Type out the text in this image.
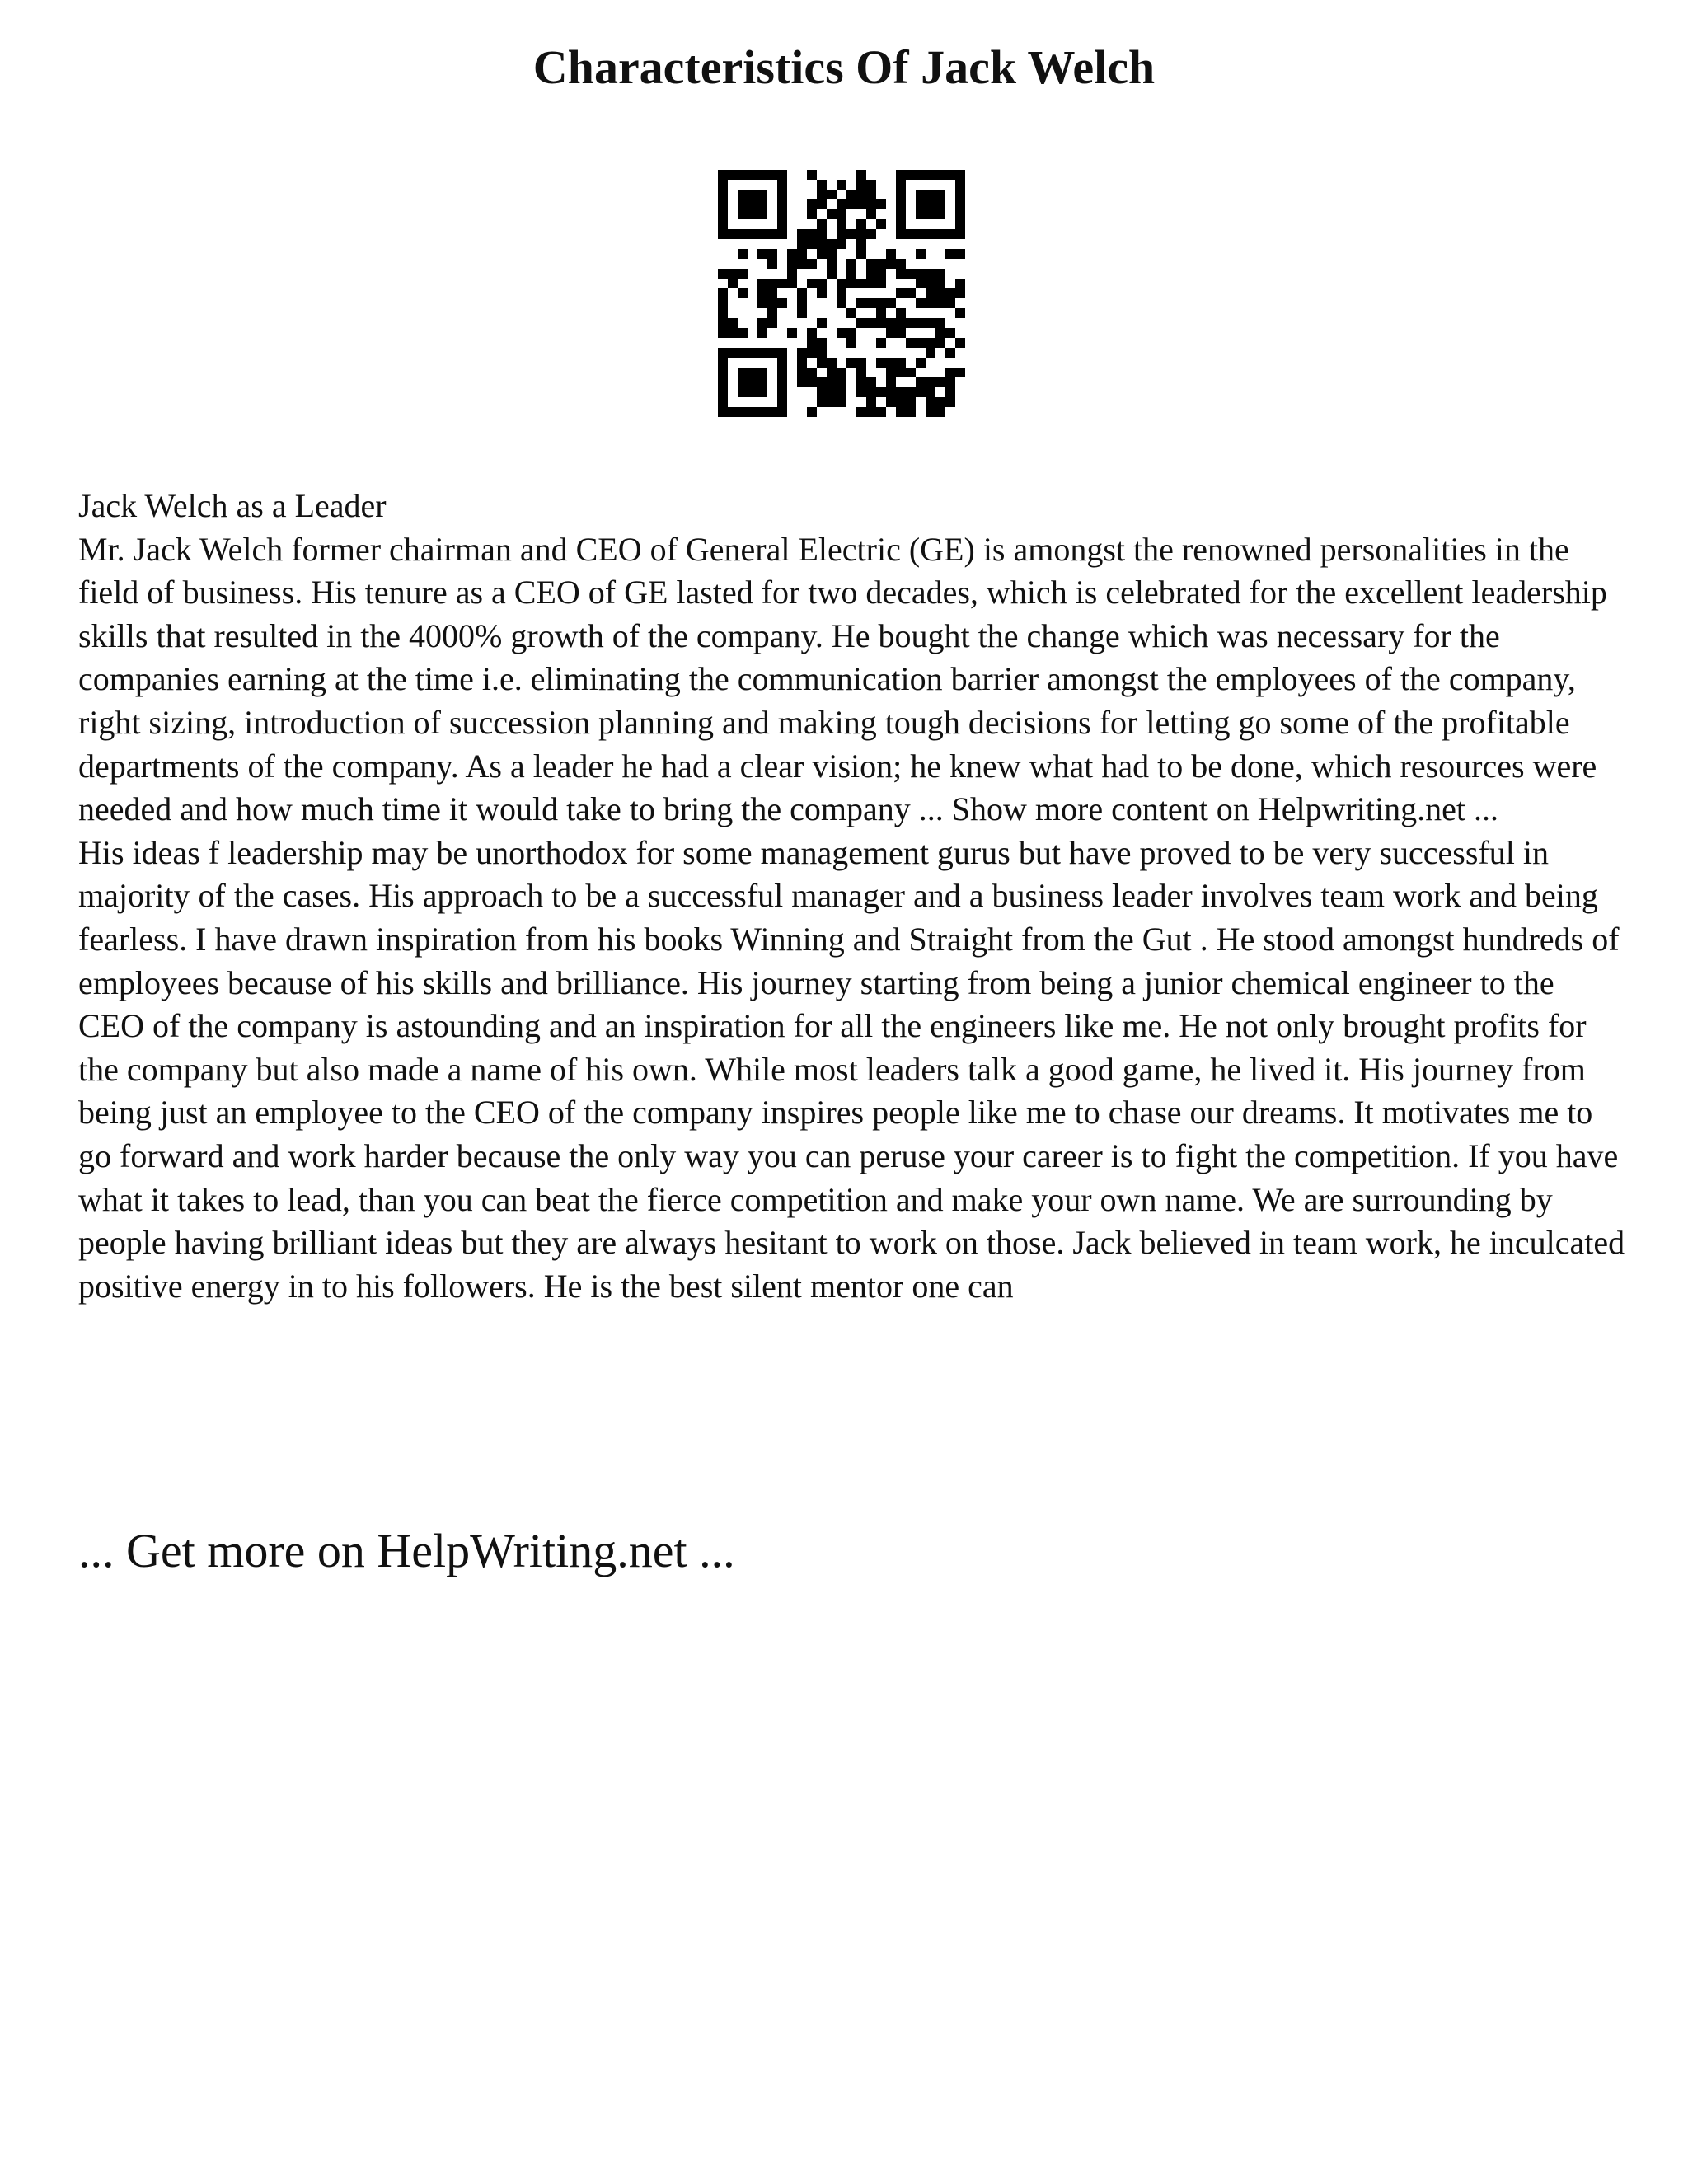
Characteristics Of Jack Welch

Jack Welch as a Leader

Mr. Jack Welch former chairman and CEO of General Electric (GE) is amongst the renowned personalities in the field of business. His tenure as a CEO of GE lasted for two decades, which is celebrated for the excellent leadership skills that resulted in the 4000% growth of the company. He bought the change which was necessary for the companies earning at the time i.e. eliminating the communication barrier amongst the employees of the company, right sizing, introduction of succession planning and making tough decisions for letting go some of the profitable departments of the company. As a leader he had a clear vision; he knew what had to be done, which resources were needed and how much time it would take to bring the company ... Show more content on Helpwriting.net ...

His ideas f leadership may be unorthodox for some management gurus but have proved to be very successful in majority of the cases. His approach to be a successful manager and a business leader involves team work and being fearless. I have drawn inspiration from his books Winning and Straight from the Gut . He stood amongst hundreds of employees because of his skills and brilliance. His journey starting from being a junior chemical engineer to the CEO of the company is astounding and an inspiration for all the engineers like me. He not only brought profits for the company but also made a name of his own. While most leaders talk a good game, he lived it. His journey from being just an employee to the CEO of the company inspires people like me to chase our dreams. It motivates me to go forward and work harder because the only way you can peruse your career is to fight the competition. If you have what it takes to lead, than you can beat the fierce competition and make your own name. We are surrounding by people having brilliant ideas but they are always hesitant to work on those. Jack believed in team work, he inculcated positive energy in to his followers. He is the best silent mentor one can

... Get more on HelpWriting.net ...
